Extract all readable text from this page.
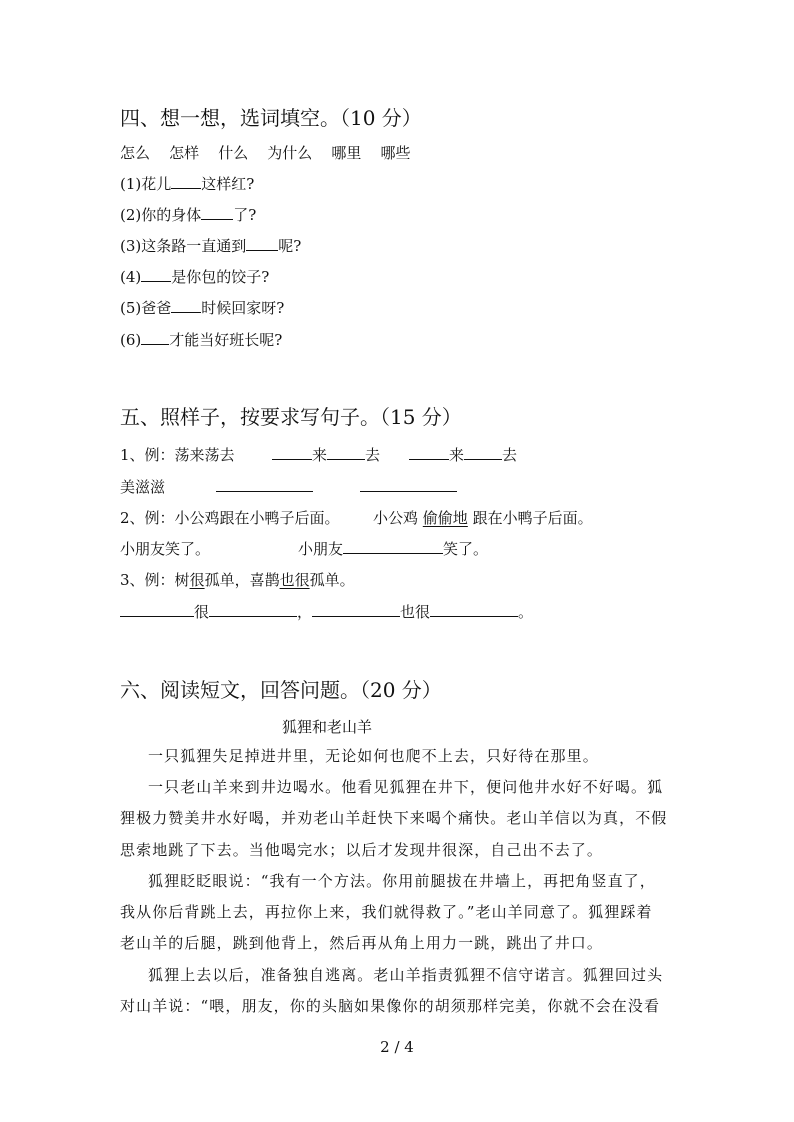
四、想一想，选词填空。（10 分）
怎么 怎样 什么 为什么 哪里 哪些
(1)花儿 这样红?
(2)你的身体 了?
(3)这条路一直通到 呢?
(4) 是你包的饺子?
(5)爸爸 时候回家呀?
(6) 才能当好班长呢?
五、照样子，按要求写句子。（15 分）
1、例：荡来荡去	来	去	来	去
美滋滋
2、例：小公鸡跟在小鸭子后面。 小公鸡 偷偷地 跟在小鸭子后面。
小朋友笑了。	小朋友	笑了。
3、例：树很孤单，喜鹊也很孤单。
很	，	也很	。
六、阅读短文，回答问题。（20 分）
狐狸和老山羊
一只狐狸失足掉进井里，无论如何也爬不上去，只好待在那里。
一只老山羊来到井边喝水。他看见狐狸在井下，便问他井水好不好喝。狐
狸极力赞美井水好喝，并劝老山羊赶快下来喝个痛快。老山羊信以为真，不假
思索地跳了下去。当他喝完水；以后才发现井很深，自己出不去了。
狐狸眨眨眼说：“我有一个方法。你用前腿拔在井墙上，再把角竖直了，
我从你后背跳上去，再拉你上来，我们就得救了。”老山羊同意了。狐狸踩着
老山羊的后腿，跳到他背上，然后再从角上用力一跳，跳出了井口。
狐狸上去以后，准备独自逃离。老山羊指责狐狸不信守诺言。狐狸回过头
对山羊说：“喂，朋友，你的头脑如果像你的胡须那样完美，你就不会在没看
2 / 4
